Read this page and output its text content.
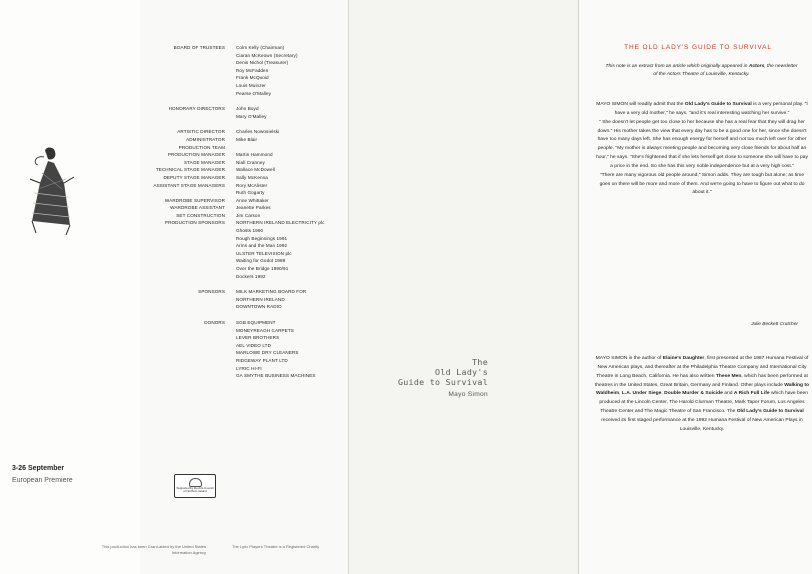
BOARD OF TRUSTEES	Colm Kelly (Chairman)
Ciaran McKeown (Secretary)
Denis Nichol (Treasurer)
Roy McFadden
Frank McQuoid
Louis Muinzer
Pearse O'Malley
HONORARY DIRECTORS	John Boyd
Mary O'Malley
ARTISTIC DIRECTOR	Charles Nowosielski
ADMINISTRATOR	Mike Blair
PRODUCTION TEAM
PRODUCTION MANAGER	Martin Hammond
STAGE MANAGER	Niall Cranney
TECHNICAL STAGE MANAGER	Wallace McDowell
DEPUTY STAGE MANAGER	Sally McKenna
ASSISTANT STAGE MANAGERS	Rory McAlister
Ruth Gogarty
WARDROBE SUPERVISOR	Anne Whittaker
WARDROBE ASSISTANT	Jeanette Parkes
SET CONSTRUCTION	Jim Carson
PRODUCTION SPONSORS	NORTHERN IRELAND ELECTRICITY plc
Ghosts 1990
Rough Beginnings 1991
Arms and the Man 1992
ULSTER TELEVISION plc
Waiting for Godot 1989
Over the Bridge 1990/91
Dockers 1992
SPONSORS	MILK MARKETING BOARD FOR
NORTHERN IRELAND
DOWNTOWN RADIO
DONORS	SGB EQUIPMENT
MONEYREAGH CARPETS
LEVER BROTHERS
AEL VIDEO LTD
MARLOWE DRY CLEANERS
RIDGEWAY PLANT LTD
LYRIC HI-FI
GA SMYTHE BUSINESS MACHINES
3-26 September
European Premiere
Supported by the Arts Council of Northern Ireland
This production has been Grant-aided by the United States Information Agency
The Lyric Players Theatre is a Registered Charity
The
Old Lady's
Guide to Survival
Mayo Simon
THE OLD LADY'S GUIDE TO SURVIVAL
This note is an extract from an article which originally appeared in Actors, the newsletter of the Actors Theatre of Louisville, Kentucky.

MAYO SIMON will readily admit that the Old Lady's Guide to Survival is a very personal play. "I have a very old mother," he says, "and it's real interesting watching her survive."

" She doesn't let people get too close to her because she has a real fear that they will drag her down." His mother takes the view that every day has to be a good one for her, since she doesn't have too many days left. She has enough energy for herself and not too much left over for other people. "My mother is always meeting people and becoming very close friends for about half an hour," he says. "She's frightened that if she lets herself get close to someone she will have to pay a price in the end. So she has this very noble independence but at a very high cost."

"There are many vigorous old people around," Simon adds. They are tough but alone; as time goes on there will be more and more of them. And we're going to have to figure out what to do about it."

Julie Beckett Crutcher

MAYO SIMON is the author of Elaine's Daughter, first presented at the 1987 Humana Festival of New American plays, and thereafter at the Philadelphia Theatre Company and International City Theatre in Long Beach, California. He has also written These Men, which has been performed at theatres in the United States, Great Britain, Germany and Finland. Other plays include Walking to Waldheim, L.A. Under Siege, Double Murder & Suicide and A Rich Full Life which have been produced at the Lincoln Center, The Harold Clurman Theatre, Mark Taper Forum, Los Angeles Theatre Center and The Magic Theatre of San Francisco. The Old Lady's Guide to Survival received its first staged performance at the 1992 Humana Festival of New American Plays in Louisville, Kentucky.
